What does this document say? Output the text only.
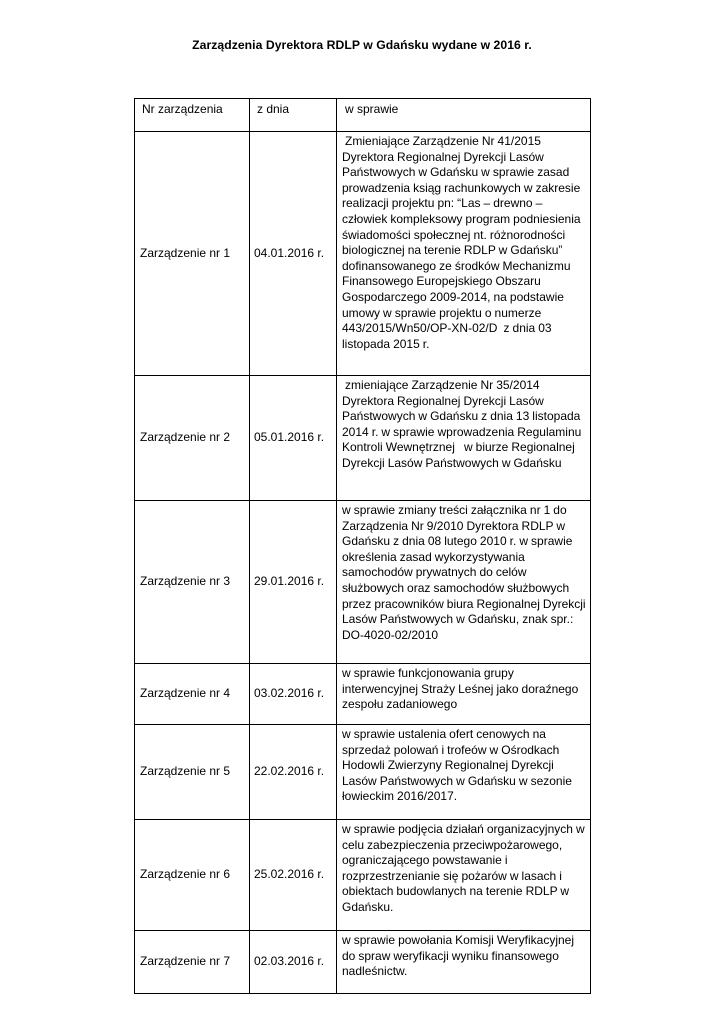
Zarządzenia Dyrektora RDLP w Gdańsku wydane w 2016 r.
Nr zarządzenia	z dnia	w sprawie
Zarządzenie nr 1	04.01.2016 r.	Zmieniające Zarządzenie Nr 41/2015 Dyrektora Regionalnej Dyrekcji Lasów Państwowych w Gdańsku w sprawie zasad prowadzenia ksiąg rachunkowych w zakresie realizacji projektu pn: “Las – drewno – człowiek kompleksowy program podniesienia świadomości społecznej nt. różnorodności biologicznej na terenie RDLP w Gdańsku” dofinansowanego ze środków Mechanizmu Finansowego Europejskiego Obszaru Gospodarczego 2009-2014, na podstawie umowy w sprawie projektu o numerze 443/2015/Wn50/OP-XN-02/D  z dnia 03 listopada 2015 r.
Zarządzenie nr 2	05.01.2016 r.	zmieniające Zarządzenie Nr 35/2014 Dyrektora Regionalnej Dyrekcji Lasów Państwowych w Gdańsku z dnia 13 listopada 2014 r. w sprawie wprowadzenia Regulaminu Kontroli Wewnętrznej   w biurze Regionalnej Dyrekcji Lasów Państwowych w Gdańsku
Zarządzenie nr 3	29.01.2016 r.	w sprawie zmiany treści załącznika nr 1 do Zarządzenia Nr 9/2010 Dyrektora RDLP w Gdańsku z dnia 08 lutego 2010 r. w sprawie określenia zasad wykorzystywania samochodów prywatnych do celów służbowych oraz samochodów służbowych przez pracowników biura Regionalnej Dyrekcji Lasów Państwowych w Gdańsku, znak spr.: DO-4020-02/2010
Zarządzenie nr 4	03.02.2016 r.	w sprawie funkcjonowania grupy interwencyjnej Straży Leśnej jako doraźnego zespołu zadaniowego
Zarządzenie nr 5	22.02.2016 r.	w sprawie ustalenia ofert cenowych na sprzedaż polowań i trofeów w Ośrodkach Hodowli Zwierzyny Regionalnej Dyrekcji Lasów Państwowych w Gdańsku w sezonie łowieckim 2016/2017.
Zarządzenie nr 6	25.02.2016 r.	w sprawie podjęcia działań organizacyjnych w celu zabezpieczenia przeciwpożarowego, ograniczającego powstawanie i rozprzestrzenianie się pożarów w lasach i obiektach budowlanych na terenie RDLP w Gdańsku.
Zarządzenie nr 7	02.03.2016 r.	w sprawie powołania Komisji Weryfikacyjnej do spraw weryfikacji wyniku finansowego nadleśnictw.
